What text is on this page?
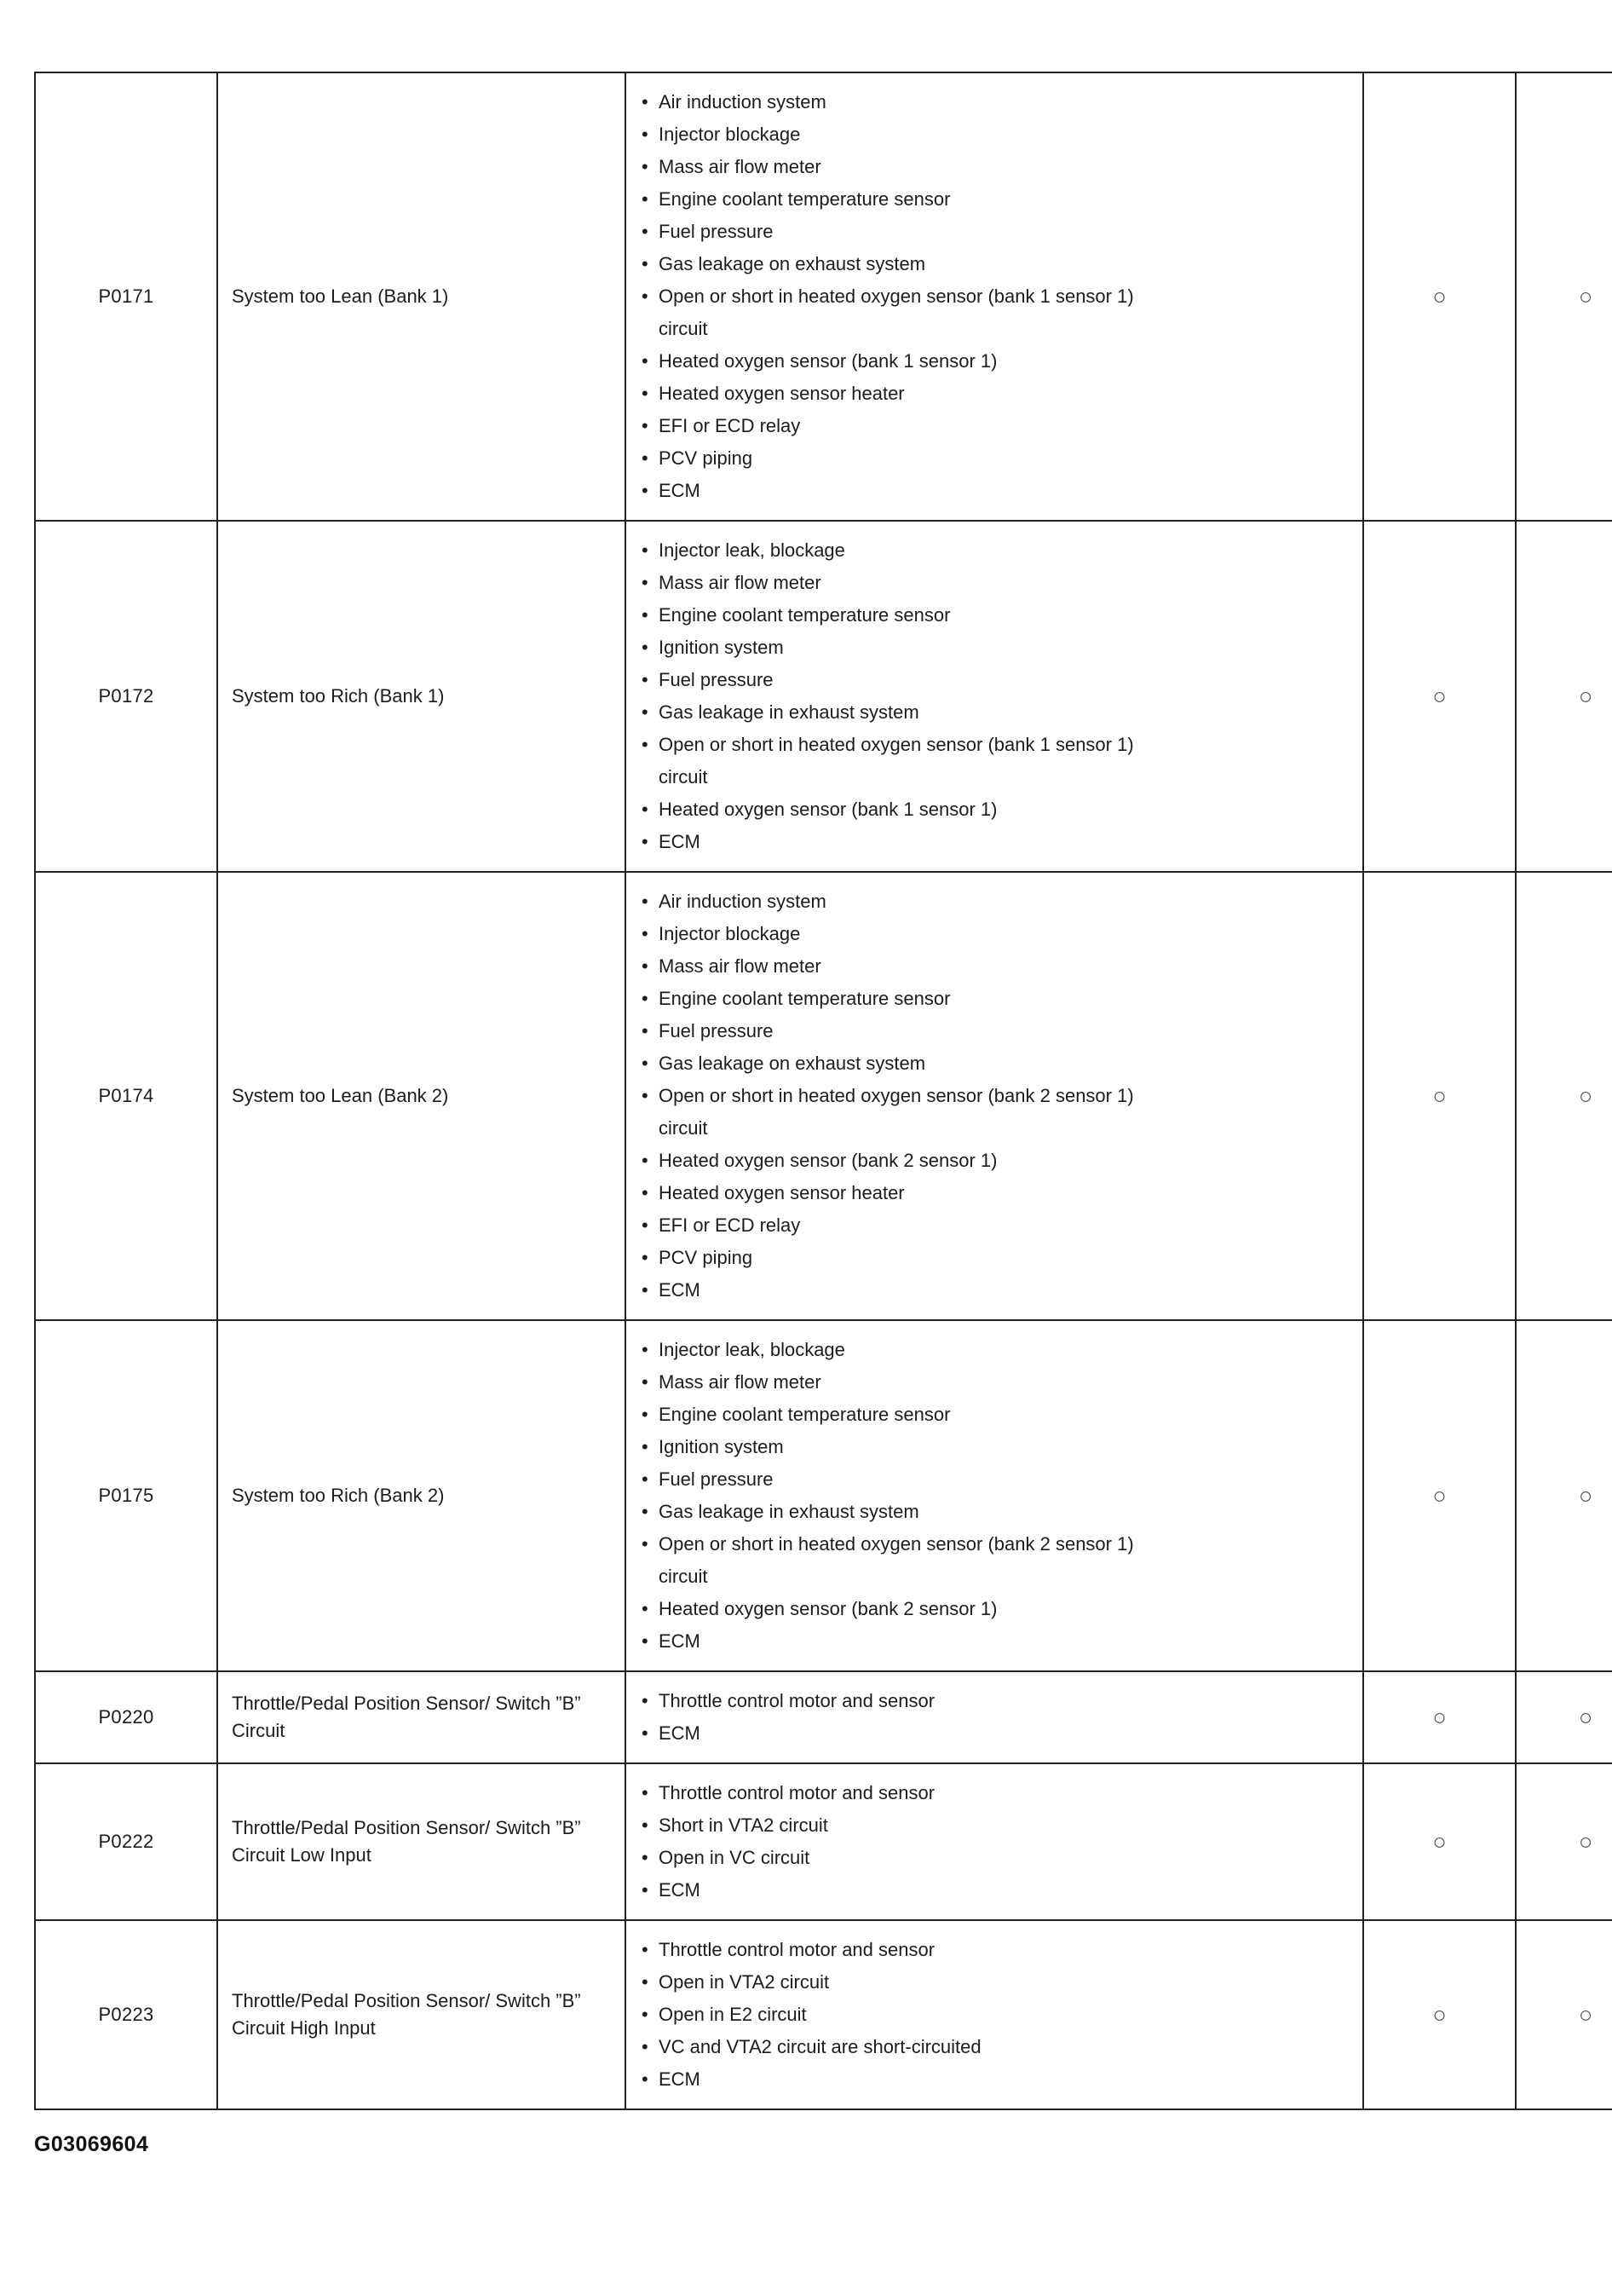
P0171	System too Lean (Bank 1)	
• Air induction system
• Injector blockage
• Mass air flow meter
• Engine coolant temperature sensor
• Fuel pressure
• Gas leakage on exhaust system
• Open or short in heated oxygen sensor (bank 1 sensor 1) circuit
• Heated oxygen sensor (bank 1 sensor 1)
• Heated oxygen sensor heater
• EFI or ECD relay
• PCV piping
• ECM
	○	○
P0172	System too Rich (Bank 1)	
• Injector leak, blockage
• Mass air flow meter
• Engine coolant temperature sensor
• Ignition system
• Fuel pressure
• Gas leakage in exhaust system
• Open or short in heated oxygen sensor (bank 1 sensor 1) circuit
• Heated oxygen sensor (bank 1 sensor 1)
• ECM
	○	○
P0174	System too Lean (Bank 2)	
• Air induction system
• Injector blockage
• Mass air flow meter
• Engine coolant temperature sensor
• Fuel pressure
• Gas leakage on exhaust system
• Open or short in heated oxygen sensor (bank 2 sensor 1) circuit
• Heated oxygen sensor (bank 2 sensor 1)
• Heated oxygen sensor heater
• EFI or ECD relay
• PCV piping
• ECM
	○	○
P0175	System too Rich (Bank 2)	
• Injector leak, blockage
• Mass air flow meter
• Engine coolant temperature sensor
• Ignition system
• Fuel pressure
• Gas leakage in exhaust system
• Open or short in heated oxygen sensor (bank 2 sensor 1) circuit
• Heated oxygen sensor (bank 2 sensor 1)
• ECM
	○	○
P0220	Throttle/Pedal Position Sensor/ Switch ”B” Circuit	
• Throttle control motor and sensor
• ECM
	○	○
P0222	Throttle/Pedal Position Sensor/ Switch ”B” Circuit Low Input	
• Throttle control motor and sensor
• Short in VTA2 circuit
• Open in VC circuit
• ECM
	○	○
P0223	Throttle/Pedal Position Sensor/ Switch ”B” Circuit High Input	
• Throttle control motor and sensor
• Open in VTA2 circuit
• Open in E2 circuit
• VC and VTA2 circuit are short-circuited
• ECM
	○	○
G03069604
